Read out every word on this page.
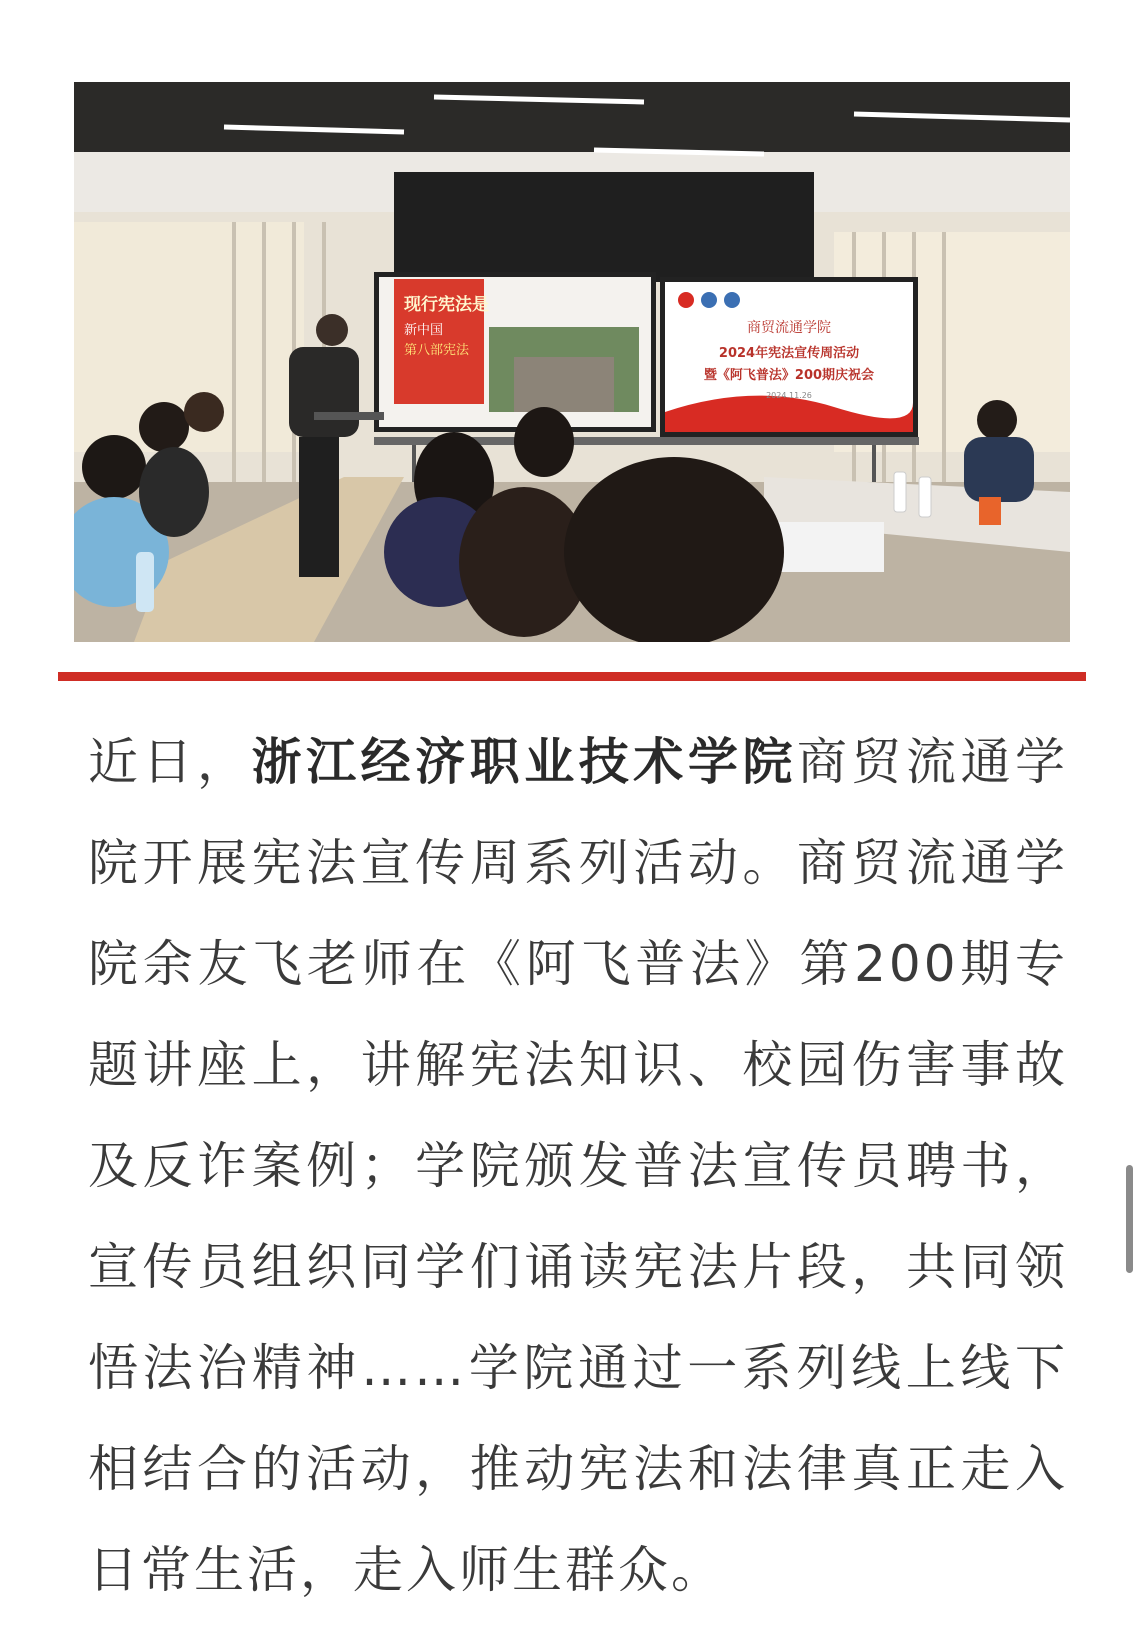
现行宪法是
新中国
第八部宪法
商贸流通学院
2024年宪法宣传周活动
暨《阿飞普法》200期庆祝会
2024.11.26
近日，浙江经济职业技术学院商贸流通学院开展宪法宣传周系列活动。商贸流通学院余友飞老师在《阿飞普法》第200期专题讲座上，讲解宪法知识、校园伤害事故及反诈案例；学院颁发普法宣传员聘书，宣传员组织同学们诵读宪法片段，共同领悟法治精神……学院通过一系列线上线下相结合的活动，推动宪法和法律真正走入日常生活，走入师生群众。
